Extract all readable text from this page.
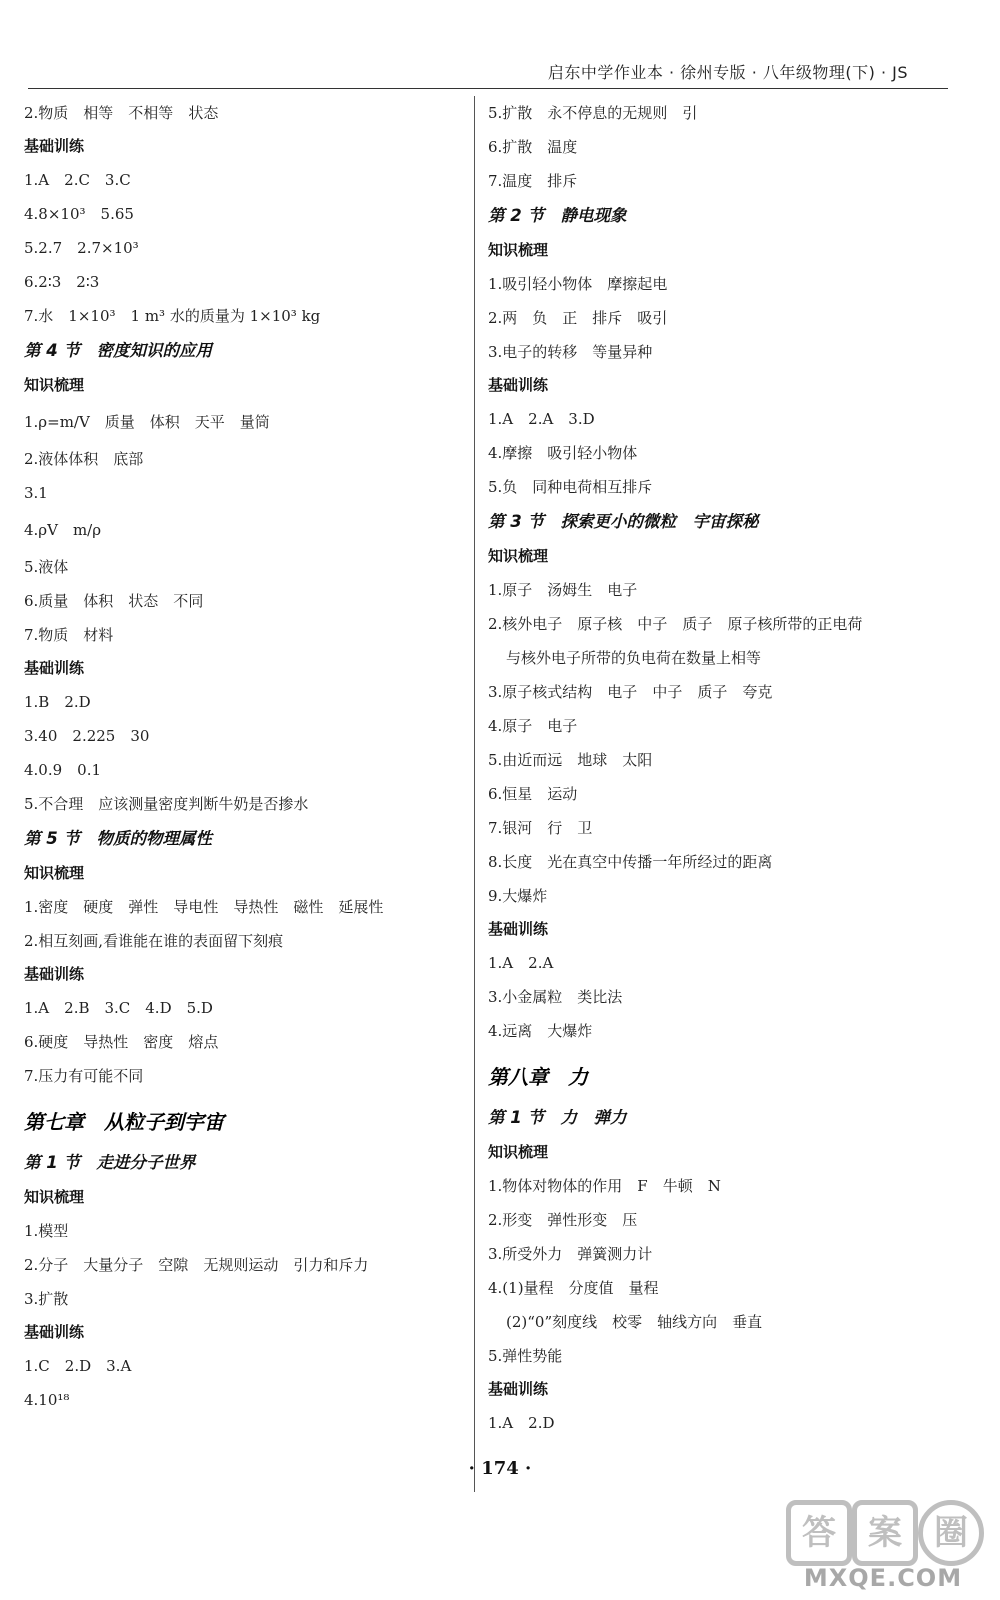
启东中学作业本 · 徐州专版 · 八年级物理(下) · JS
2.物质　相等　不相等　状态
基础训练
1.A　2.C　3.C
4.8×10³　5.65
5.2.7　2.7×10³
6.2∶3　2∶3
7.水　1×10³　1 m³ 水的质量为 1×10³ kg
第 4 节　密度知识的应用
知识梳理
1.ρ=m/V　质量　体积　天平　量筒
2.液体体积　底部
3.1
4.ρV　m/ρ
5.液体
6.质量　体积　状态　不同
7.物质　材料
基础训练
1.B　2.D
3.40　2.225　30
4.0.9　0.1
5.不合理　应该测量密度判断牛奶是否掺水
第 5 节　物质的物理属性
知识梳理
1.密度　硬度　弹性　导电性　导热性　磁性　延展性
2.相互刻画,看谁能在谁的表面留下刻痕
基础训练
1.A　2.B　3.C　4.D　5.D
6.硬度　导热性　密度　熔点
7.压力有可能不同
第七章　从粒子到宇宙
第 1 节　走进分子世界
知识梳理
1.模型
2.分子　大量分子　空隙　无规则运动　引力和斥力
3.扩散
基础训练
1.C　2.D　3.A
4.10¹⁸
5.扩散　永不停息的无规则　引
6.扩散　温度
7.温度　排斥
第 2 节　静电现象
知识梳理
1.吸引轻小物体　摩擦起电
2.两　负　正　排斥　吸引
3.电子的转移　等量异种
基础训练
1.A　2.A　3.D
4.摩擦　吸引轻小物体
5.负　同种电荷相互排斥
第 3 节　探索更小的微粒　宇宙探秘
知识梳理
1.原子　汤姆生　电子
2.核外电子　原子核　中子　质子　原子核所带的正电荷
与核外电子所带的负电荷在数量上相等
3.原子核式结构　电子　中子　质子　夸克
4.原子　电子
5.由近而远　地球　太阳
6.恒星　运动
7.银河　行　卫
8.长度　光在真空中传播一年所经过的距离
9.大爆炸
基础训练
1.A　2.A
3.小金属粒　类比法
4.远离　大爆炸
第八章　力
第 1 节　力　弹力
知识梳理
1.物体对物体的作用　F　牛顿　N
2.形变　弹性形变　压
3.所受外力　弹簧测力计
4.(1)量程　分度值　量程
(2)“0”刻度线　校零　轴线方向　垂直
5.弹性势能
基础训练
1.A　2.D
· 174 ·
答 案 圈
MXQE.COM
